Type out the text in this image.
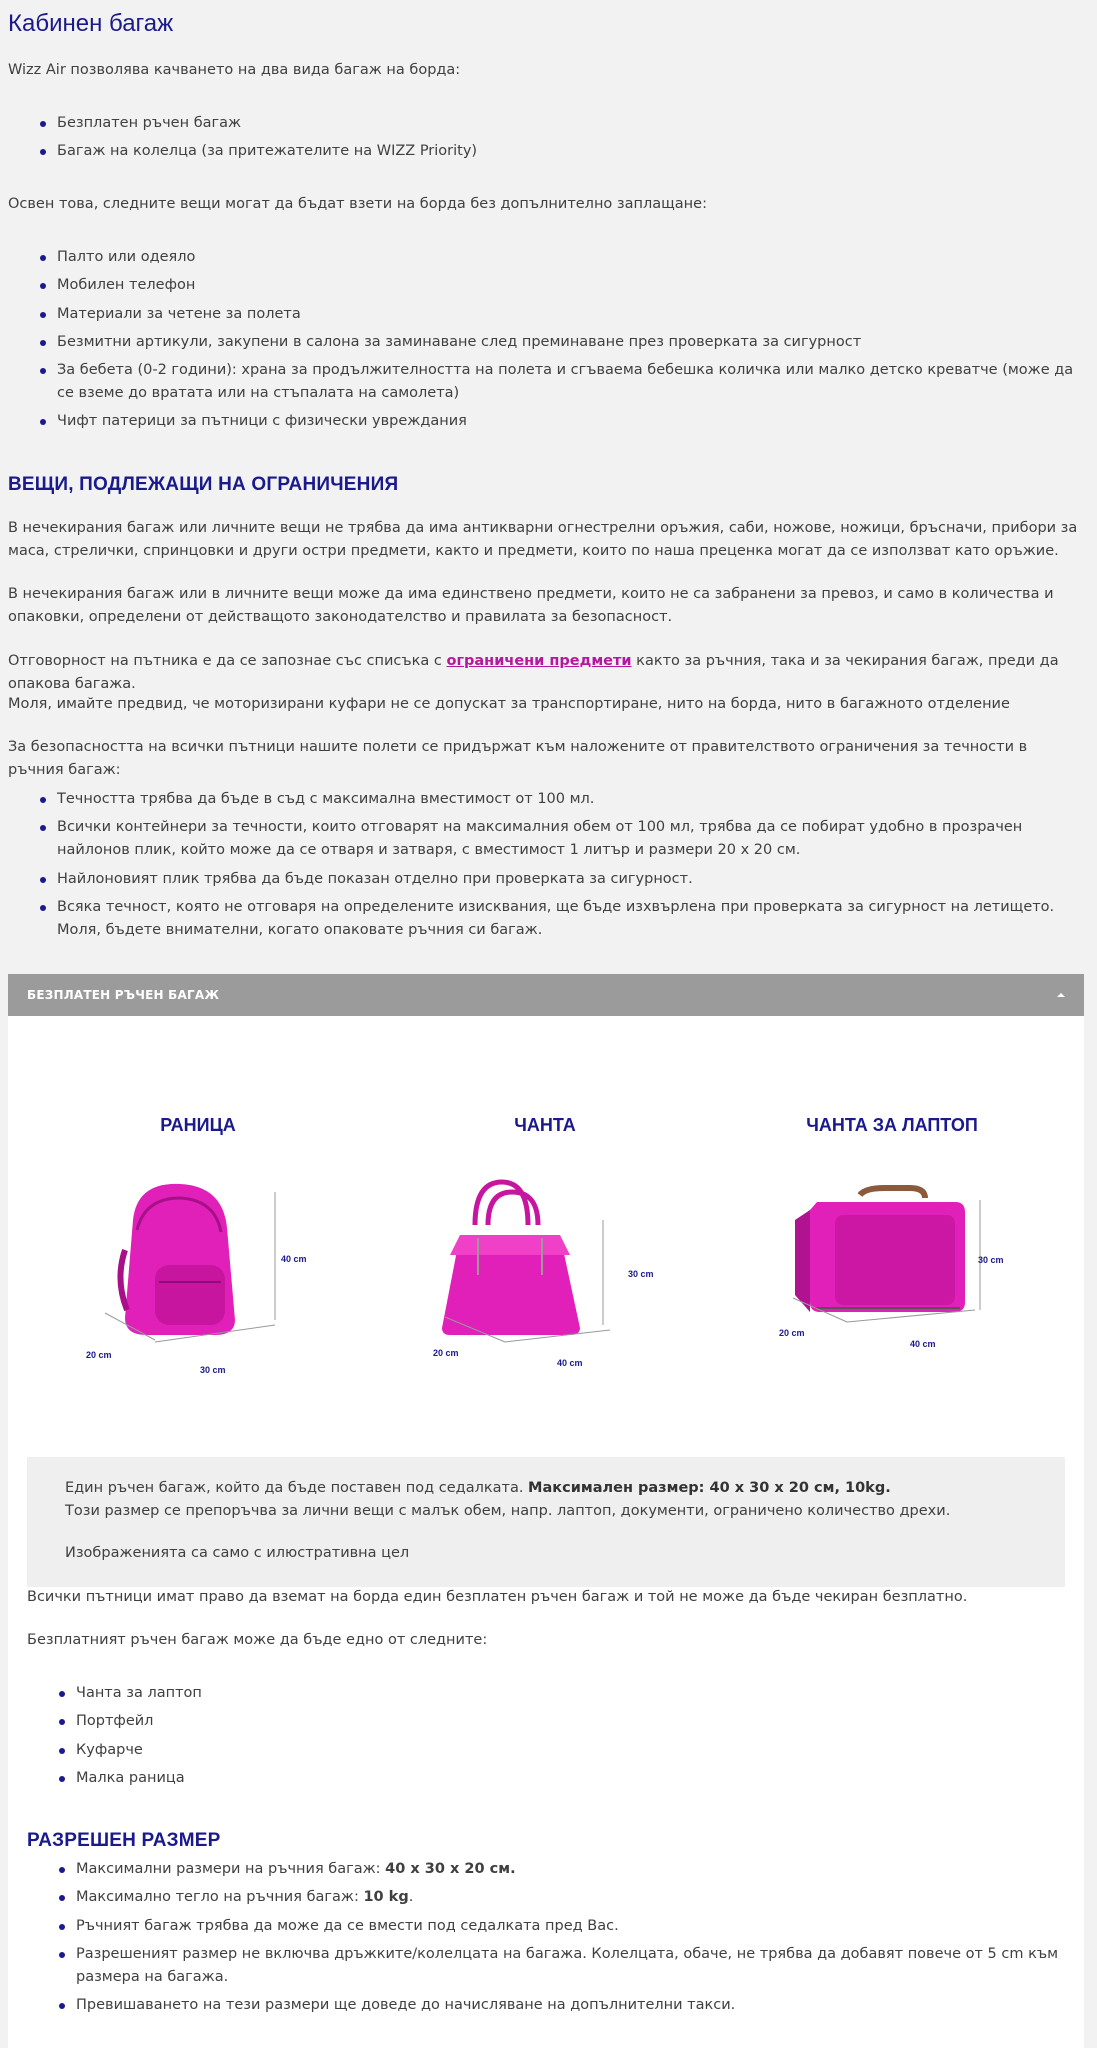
Кабинен багаж

Wizz Air позволява качването на два вида багаж на борда:

Безплатен ръчен багаж
Багаж на колелца (за притежателите на WIZZ Priority)

Освен това, следните вещи могат да бъдат взети на борда без допълнително заплащане:

Палто или одеяло
Мобилен телефон
Материали за четене за полета
Безмитни артикули, закупени в салона за заминаване след преминаване през проверката за сигурност
За бебета (0-2 години): храна за продължителността на полета и сгъваема бебешка количка или малко детско креватче (може да се вземе до вратата или на стъпалата на самолета)
Чифт патерици за пътници с физически увреждания
ВЕЩИ, ПОДЛЕЖАЩИ НА ОГРАНИЧЕНИЯ

В нечекирания багаж или личните вещи не трябва да има антикварни огнестрелни оръжия, саби, ножове, ножици, бръсначи, прибори за маса, стрелички, спринцовки и други остри предмети, както и предмети, които по наша преценка могат да се използват като оръжие.

В нечекирания багаж или в личните вещи може да има единствено предмети, които не са забранени за превоз, и само в количества и опаковки, определени от действащото законодателство и правилата за безопасност.

Отговорност на пътника е да се запознае със списъка с ограничени предмети както за ръчния, така и за чекирания багаж, преди да опакова багажа.

Моля, имайте предвид, че моторизирани куфари не се допускат за транспортиране, нито на борда, нито в багажното отделение

За безопасността на всички пътници нашите полети се придържат към наложените от правителството ограничения за течности в ръчния багаж:

Течността трябва да бъде в съд с максимална вместимост от 100 мл.
Всички контейнери за течности, които отговарят на максималния обем от 100 мл, трябва да се побират удобно в прозрачен найлонов плик, който може да се отваря и затваря, с вместимост 1 литър и размери 20 х 20 см.
Найлоновият плик трябва да бъде показан отделно при проверката за сигурност.
Всяка течност, която не отговаря на определените изисквания, ще бъде изхвърлена при проверката за сигурност на летището. Моля, бъдете внимателни, когато опаковате ръчния си багаж.
БЕЗПЛАТЕН РЪЧЕН БАГАЖ
РАНИЦА	ЧАНТА	ЧАНТА ЗА ЛАПТОП
40 cm
20 cm
30 cm
30 cm
20 cm
40 cm
30 cm
20 cm
40 cm
Един ръчен багаж, който да бъде поставен под седалката. Максимален размер: 40 x 30 x 20 см, 10kg.
Този размер се препоръчва за лични вещи с малък обем, напр. лаптоп, документи, ограничено количество дрехи.
Изображенията са само с илюстративна цел

Всички пътници имат право да вземат на борда един безплатен ръчен багаж и той не може да бъде чекиран безплатно.

Безплатният ръчен багаж може да бъде едно от следните:

Чанта за лаптоп
Портфейл
Куфарче
Малка раница
РАЗРЕШЕН РАЗМЕР
Максимални размери на ръчния багаж: 40 x 30 x 20 см.
Максимално тегло на ръчния багаж: 10 kg.
Ръчният багаж трябва да може да се вмести под седалката пред Вас.
Разрешеният размер не включва дръжките/колелцата на багажа. Колелцата, обаче, не трябва да добавят повече от 5 cm към размера на багажа.
Превишаването на тези размери ще доведе до начисляване на допълнителни такси.
